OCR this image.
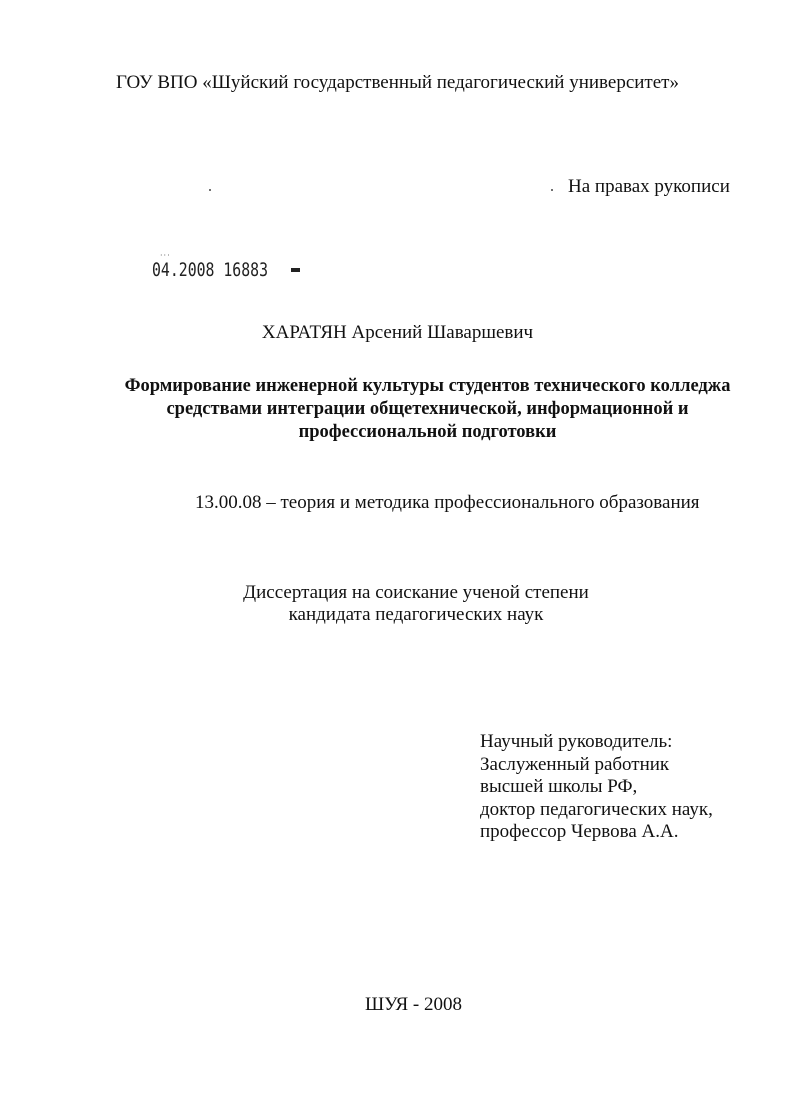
ГОУ ВПО «Шуйский государственный педагогический университет»
На правах рукописи
···
04.2008 16883
ХАРАТЯН Арсений Шаваршевич
Формирование инженерной культуры студентов технического колледжа
средствами интеграции общетехнической, информационной и
профессиональной подготовки
13.00.08 – теория и методика профессионального образования
Диссертация на соискание ученой степени
кандидата педагогических наук
Научный руководитель:
Заслуженный работник
высшей школы РФ,
доктор педагогических наук,
профессор Червова А.А.
ШУЯ - 2008
